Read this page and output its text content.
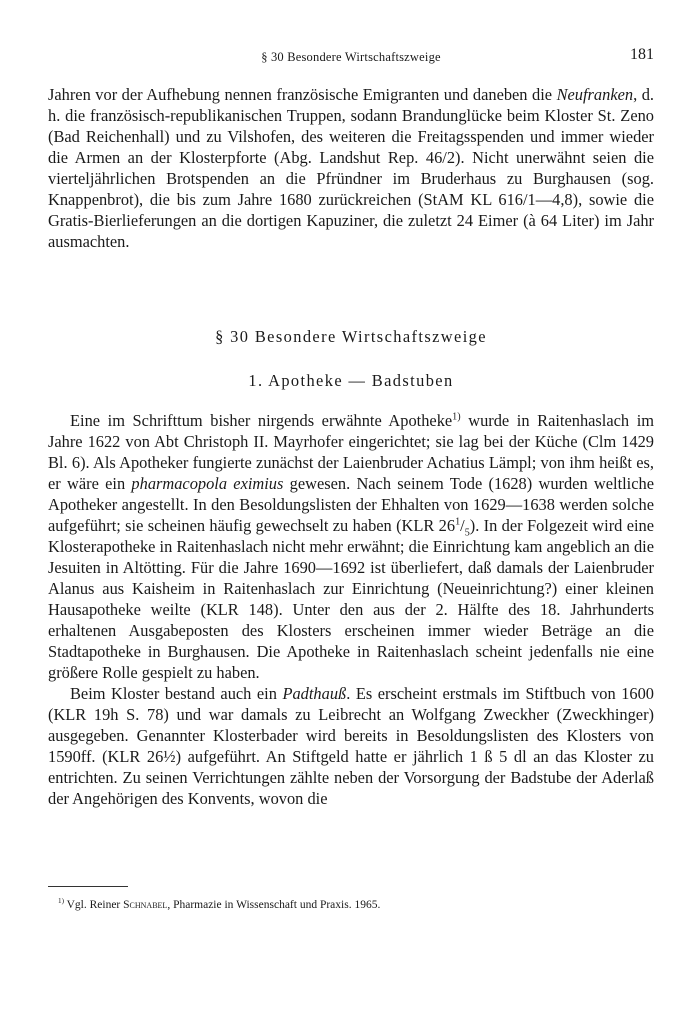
§ 30 Besondere Wirtschaftszweige	181

Jahren vor der Aufhebung nennen französische Emigranten und daneben die Neufranken, d. h. die französisch-republikanischen Truppen, sodann Brandunglücke beim Kloster St. Zeno (Bad Reichenhall) und zu Vilshofen, des weiteren die Freitagsspenden und immer wieder die Armen an der Klosterpforte (Abg. Landshut Rep. 46/2). Nicht unerwähnt seien die vierteljährlichen Brotspenden an die Pfründner im Bruderhaus zu Burghausen (sog. Knappenbrot), die bis zum Jahre 1680 zurückreichen (StAM KL 616/1—4,8), sowie die Gratis-Bierlieferungen an die dortigen Kapuziner, die zuletzt 24 Eimer (à 64 Liter) im Jahr ausmachten.

§ 30 Besondere Wirtschaftszweige
1. Apotheke — Badstuben

Eine im Schrifttum bisher nirgends erwähnte Apotheke$^{1)}$ wurde in Raitenhaslach im Jahre 1622 von Abt Christoph II. Mayrhofer eingerichtet; sie lag bei der Küche (Clm 1429 Bl. 6). Als Apotheker fungierte zunächst der Laienbruder Achatius Lämpl; von ihm heißt es, er wäre ein pharmacopola eximius gewesen. Nach seinem Tode (1628) wurden weltliche Apotheker angestellt. In den Besoldungslisten der Ehhalten von 1629—1638 werden solche aufgeführt; sie scheinen häufig gewechselt zu haben (KLR $26^1/_5$). In der Folgezeit wird eine Klosterapotheke in Raitenhaslach nicht mehr erwähnt; die Einrichtung kam angeblich an die Jesuiten in Altötting. Für die Jahre 1690—1692 ist überliefert, daß damals der Laienbruder Alanus aus Kaisheim in Raitenhaslach zur Einrichtung (Neueinrichtung?) einer kleinen Hausapotheke weilte (KLR 148). Unter den aus der 2. Hälfte des 18. Jahrhunderts erhaltenen Ausgabeposten des Klosters erscheinen immer wieder Beträge an die Stadtapotheke in Burghausen. Die Apotheke in Raitenhaslach scheint jedenfalls nie eine größere Rolle gespielt zu haben.

Beim Kloster bestand auch ein Padthauß. Es erscheint erstmals im Stiftbuch von 1600 (KLR 19h S. 78) und war damals zu Leibrecht an Wolfgang Zweckher (Zweckhinger) ausgegeben. Genannter Klosterbader wird bereits in Besoldungslisten des Klosters von 1590ff. (KLR 26½) aufgeführt. An Stiftgeld hatte er jährlich 1 ß 5 dl an das Kloster zu entrichten. Zu seinen Verrichtungen zählte neben der Vorsorgung der Badstube der Aderlaß der Angehörigen des Konvents, wovon die

$^{1)}$ Vgl. Reiner Schnabel, Pharmazie in Wissenschaft und Praxis. 1965.
